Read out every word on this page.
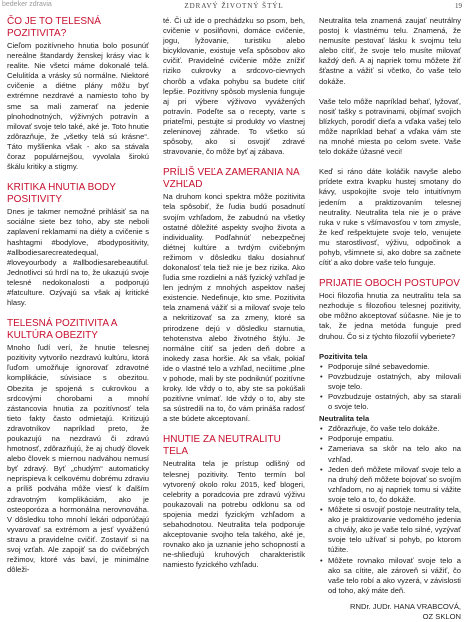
bedeker zdravia	ZDRAVÝ ŽIVOTNÝ ŠTÝL	19
ČO JE TO TELESNÁ POZITIVITA?

Cieľom pozitívneho hnutia bolo posunúť nereálne štandardy ženskej krásy viac k realite. Nie všetci máme dokonalé telá. Celulitída a vrásky sú normálne. Niektoré cvičenie a diétne plány môžu byť extrémne nezdravé a namiesto toho by sme sa mali zamerať na jedenie plnohodnotných, výživných potravín a milovať svoje telo také, aké je. Toto hnutie zdôrazňuje, že „všetky telá sú krásne“. Táto myšlienka však - ako sa stávala čoraz populárnejšou, vyvolala širokú škálu kritiky a stigmy.

KRITIKA HNUTIA BODY POSITIVITY

Dnes je takmer nemožné prihlásiť sa na sociálne siete bez toho, aby ste neboli zaplavení reklamami na diéty a cvičenie s hashtagmi #bodylove, #bodypositivity, #allbodiesarecreatedequal, #loveyourbody a #allbodiesarebeautiful. Jednotlivci sú hrdí na to, že ukazujú svoje telesné nedokonalosti a podporujú #fatculture. Ozývajú sa však aj kritické hlasy.

TELESNÁ POZITIVITA A KULTÚRA OBEZITY

Mnoho ľudí verí, že hnutie telesnej pozitivity vytvorilo nezdravú kultúru, ktorá ľuďom umožňuje ignorovať zdravotné komplikácie, súvisiace s obezitou. Obezita je spojená s cukrovkou a srdcovými chorobami a mnohí zástancovia hnutia za pozitívnosť tela tieto fakty často odmietajú. Kritizujú zdravotníkov napríklad preto, že poukazujú na nezdravú či zdravú hmotnosť, zdôrazňujú, že aj chudý človek alebo človek s miernou nadváhou nemusí byť zdravý. Byť „chudým“ automaticky neprispieva k celkovému dobrému zdraviu a príliš podváha môže viesť k ďalším zdravotným komplikáciám, ako je osteoporóza a hormonálna nerovnováha. V dôsledku toho mnohí lekári odporúčajú vyvarovať sa extrémom a jesť vyváženú stravu a pravidelne cvičiť. Zostaviť si na svoj vzťah. Ale zapojiť sa do cvičebných režimov, ktoré vás baví, je minimálne dôleži-

té. Či už ide o prechádzku so psom, beh, cvičenie v posilňovni, domáce cvičenie, jogu, lyžovanie, turistiku alebo bicyklovanie, existuje veľa spôsobov ako cvičiť. Pravidelné cvičenie môže znížiť riziko cukrovky a srdcovo-cievnych chorôb a vďaka pohybu sa budete cítiť lepšie. Pozitívny spôsob myslenia funguje aj pri výbere výživovo vyvážených potravín. Podeľte sa o recepty, varte s priateľmi, pestujte si produkty vo vlastnej zeleninovej záhrade. To všetko sú spôsoby, ako si osvojiť zdravé stravovanie, čo môže byť aj zábava.

PRÍLIŠ VEĽA ZAMERANIA NA VZHĽAD

Na druhom konci spektra môže pozitivita tela spôsobiť, že ľudia budú posadnutí svojím vzhľadom, že zabudnú na všetky ostatné dôležité aspekty svojho života a individuality. Podľahnúť nebezpečnej diétnej kultúre a tvrdým cvičebným režimom v dôsledku tlaku dosiahnuť dokonalosť tela tiež nie je bez rizika. Ako ľudia sme rozdielni a náš fyzický vzhľad je len jedným z mnohých aspektov našej existencie. Nedefinuje, kto sme. Pozitivita tela znamená vážiť si a milovať svoje telo a nekritizovať sa za zmeny, ktoré sa prirodzene dejú v dôsledku starnutia, tehotenstva alebo životného štýlu. Je normálne cítiť sa jeden deň dobre a inokedy zasa horšie. Ak sa však, pokiaľ ide o vlastné telo a vzhľad, neciítime ‚plne v pohode, mali by ste podniknúť pozitívne kroky. Ide vždy o to, aby ste sa pokúšali pozitívne vnímať. Ide vždy o to, aby ste sa sústredili na to, čo vám prináša radosť a ste búdete akceptovaní.

HNUTIE ZA NEUTRALITU TELA

Neutralita tela je prístup odlišný od telesnej pozitivity. Tento termín bol vytvorený okolo roku 2015, keď blogeri, celebrity a poradcovia pre zdravú výživu poukazovali na potrebu odklonu sa od spojenia medzi fyzickým vzhľadom a sebahodnotou. Neutralita tela podporuje akceptovanie svojho tela takého, aké je, rovnako ako ja uznanie jeho schopností a ne-shlieďujú kruhových charakteristík namiesto fyzického vzhľadu.

Neutralita tela znamená zaujať neutrálny postoj k vlastnému telu. Znamená, že nemusíte pestovať lásku k svojmu telu alebo cítiť, že svoje telo musíte milovať každý deň. A aj napriek tomu môžete žiť šťastne a vážiť si včetko, čo vaše telo dokáže.

Vaše telo môže napríklad behať, lyžovať, nosiť tašky s potravinami, objímať svojich blízkych, porodiť dieťa a vďaka vašej telo môže napríklad behať a vďaka vám ste na mnohé miesta po celom svete. Vaše telo dokáže úžasné veci!

Keď si ráno dáte koláčik navyše alebo prídete extra kvapku hustej smotany do kávy, uspokojíte svoje telo intuitívnym jedením a praktizovaním telesnej neutrality. Neutralita tela nie je o práve ruka v ruke s všímavosťou v tom zmysle, že keď rešpektujete svoje telo, venujete mu starostlivosť, výživu, odpočinok a pohyb, všimnete si, ako dobre sa začnete cítiť a ako dobre vaše telo funguje.

PRIJATIE OBOCH POSTUPOV

Hoci filozofia hnutia za neutralitu tela sa nezhoduje s filozofiou telesnej pozitivity, obe môžno akceptovať súčasne. Nie je to tak, že jedna metóda funguje pred druhou. Čo si z týchto filozofií vyberiete?

Pozitivita tela
• Podporuje silné sebavedomie.
• Povzbudzuje ostatných, aby milovali svoje telo.
• Povzbudzuje ostatných, aby sa starali o svoje telo.
Neutralita tela
• Zdôrazňuje, čo vaše telo dokáže.
• Podporuje empatiu.
• Zameriava sa skôr na telo ako na vzhľad.
• Jeden deň môžete milovať svoje telo a na druhý deň môžete bojovať so svojím vzhľadom, no aj napriek tomu si vážite svoje telo a to, čo dokáže.
• Môžete si osvojiť postoje neutrality tela, ako je praktizovanie vedomého jedenia a chvály, ako je vaše telo silné, vyzývať svoje telo užívať si pohyb, po ktorom túžite.
• Môžete rovnako milovať svoje telo a ako sa cítite, ale zároveň si vážiť, čo vaše telo robí a ako vyzerá, v závislosti od toho, aký máte deň.
RNDr. JUDr. HANA VRABCOVÁ,
OZ SKLON
